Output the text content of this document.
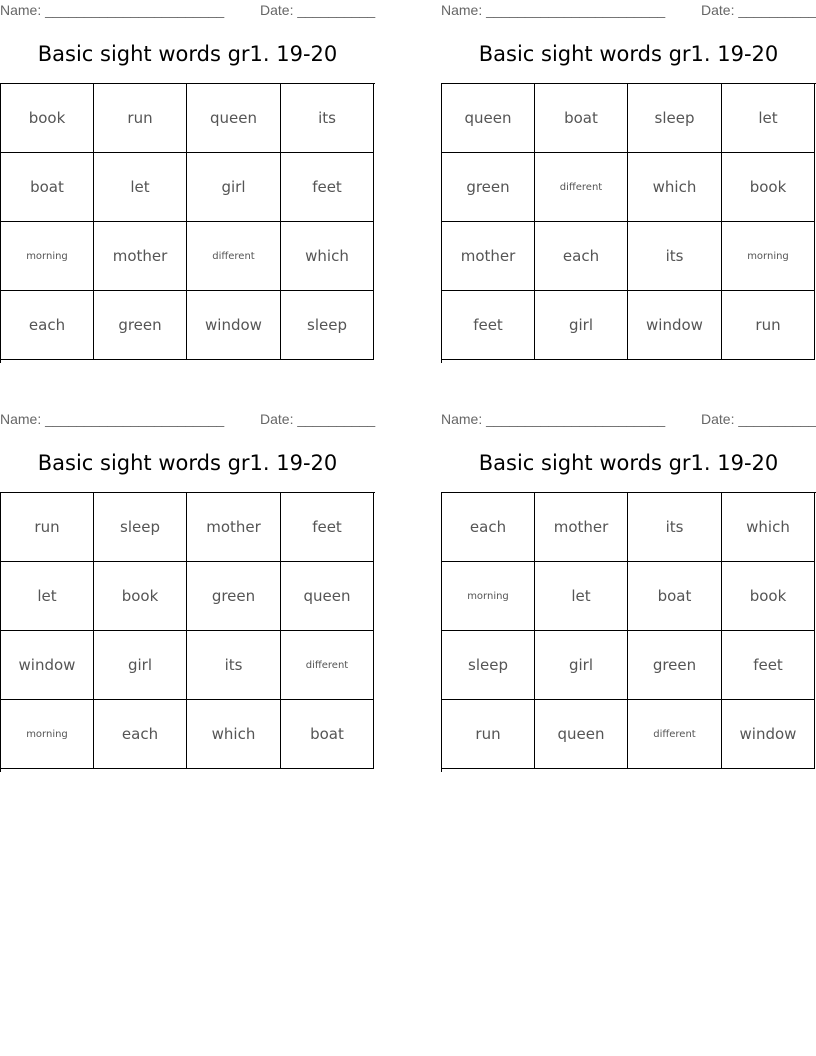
Name: _______________________	Date: __________
Basic sight words gr1. 19-20
book	run	queen	its
boat	let	girl	feet
morning	mother	different	which
each	green	window	sleep
Name: _______________________	Date: __________
Basic sight words gr1. 19-20
queen	boat	sleep	let
green	different	which	book
mother	each	its	morning
feet	girl	window	run
Name: _______________________	Date: __________
Basic sight words gr1. 19-20
run	sleep	mother	feet
let	book	green	queen
window	girl	its	different
morning	each	which	boat
Name: _______________________	Date: __________
Basic sight words gr1. 19-20
each	mother	its	which
morning	let	boat	book
sleep	girl	green	feet
run	queen	different	window
